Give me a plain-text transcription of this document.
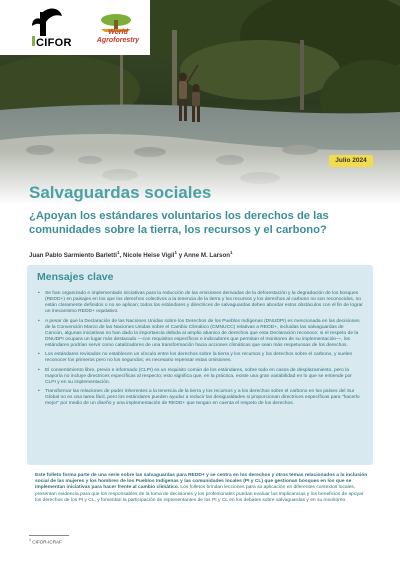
CIFOR
World
Agroforestry
Julio 2024
Salvaguardas sociales
¿Apoyan los estándares voluntarios los derechos de las comunidades sobre la tierra, los recursos y el carbono?
Juan Pablo Sarmiento Barletti$^1$, Nicole Heise Vigil$^1$ y Anne M. Larson$^1$
Mensajes clave
• Se han organizado e implementado iniciativas para la reducción de las emisiones derivadas de la deforestación y la degradación de los bosques (REDD+) en paisajes en los que los derechos colectivos a la tenencia de la tierra y los recursos y los derechos al carbono no son reconocidos, no están claramente definidos o no se aplican; todos los estándares y directrices de salvaguardas deben abordar estos obstáculos con el fin de lograr un mecanismo REDD+ equitativo.
• A pesar de que la Declaración de las Naciones Unidas sobre los Derechos de los Pueblos Indígenas (DNUDPI) es mencionada en las decisiones de la Convención Marco de las Naciones Unidas sobre el Cambio Climático (CMNUCC) relativas a REDD+, incluidas las salvaguardas de Cancún, algunas iniciativas no han dado la importancia debida al amplio abanico de derechos que esta Declaración reconoce; si el respeto de la DNUDPI ocupara un lugar más destacado —con requisitos específicos e indicadores que permitan el monitoreo de su implementación—, los estándares podrían servir como catalizadores de una transformación hacia acciones climáticas que sean más respetuosas de los derechos.
• Los estándares revisados no establecen un vínculo entre los derechos sobre la tierra y los recursos y los derechos sobre el carbono, y suelen reconocer los primeros pero no los segundos; es necesario repensar estas omisiones.
• El consentimiento libre, previo e informado (CLPI) es un requisito común de los estándares, sobre todo en casos de desplazamiento, pero la mayoría no incluye directrices específicas al respecto; esto significa que, en la práctica, existe una gran variabilidad en lo que se entiende por CLPI y en su implementación.
• Transformar las relaciones de poder inherentes a la tenencia de la tierra y los recursos y a los derechos sobre el carbono en los países del Sur Global no es una tarea fácil, pero los estándares pueden ayudar a reducir las desigualdades si proporcionan directrices específicas para "hacerlo mejor" por medio de un diseño y una implementación de REDD+ que tengan en cuenta el respeto de los derechos.
Este folleto forma parte de una serie sobre las salvaguardas para REDD+ y se centra en los derechos y otros temas relacionados a la inclusión social de las mujeres y los hombres de los Pueblos Indígenas y las comunidades locales (PI y CL) que gestionan bosques en los que se implementan iniciativas para hacer frente al cambio climático. Los folletos brindan lecciones para su aplicación en diferentes contextos locales, presentan evidencia para que los responsables de la toma de decisiones y los profesionales puedan evaluar las implicancias y los beneficios de apoyar los derechos de los PI y CL, y fomentan la participación de representantes de los PI y CL en los debates sobre salvaguardas y en su monitoreo.
$^1$ CIFOR-ICRAF
